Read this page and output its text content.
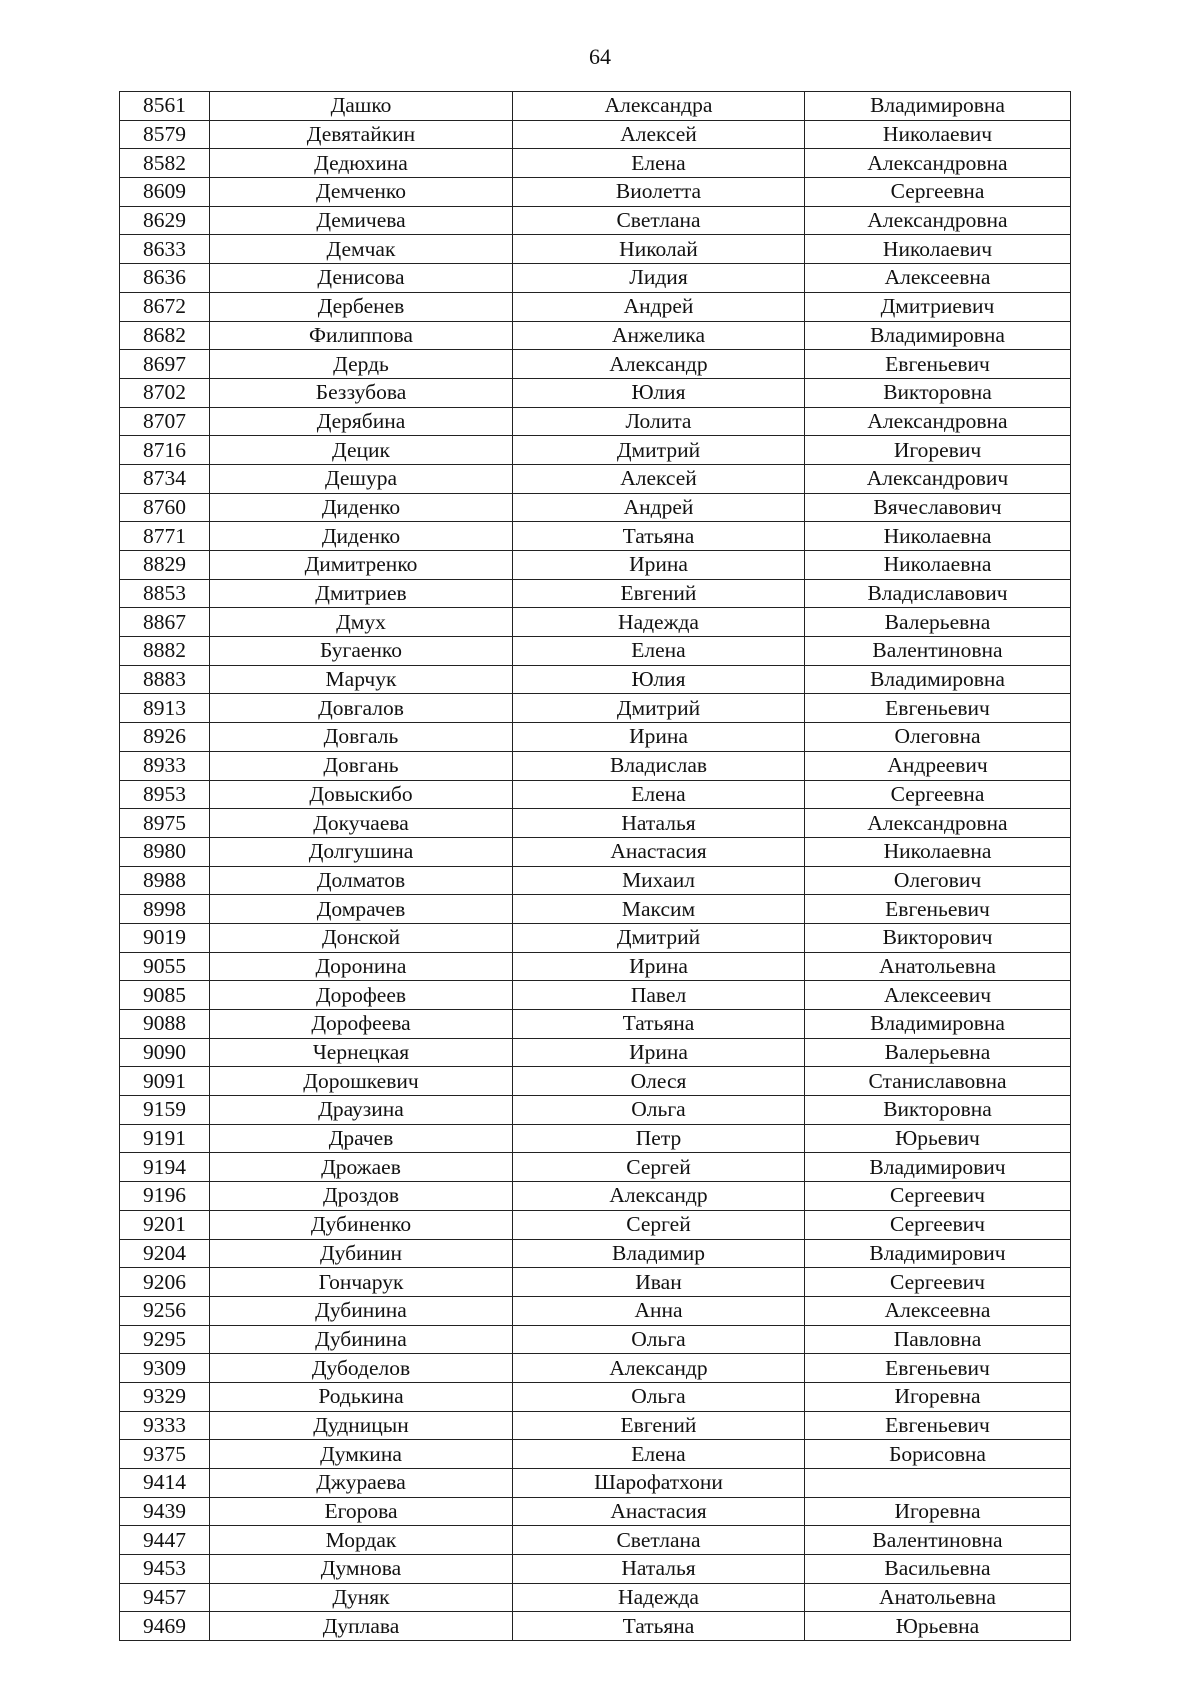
64
8561	Дашко	Александра	Владимировна
8579	Девятайкин	Алексей	Николаевич
8582	Дедюхина	Елена	Александровна
8609	Демченко	Виолетта	Сергеевна
8629	Демичева	Светлана	Александровна
8633	Демчак	Николай	Николаевич
8636	Денисова	Лидия	Алексеевна
8672	Дербенев	Андрей	Дмитриевич
8682	Филиппова	Анжелика	Владимировна
8697	Дердь	Александр	Евгеньевич
8702	Беззубова	Юлия	Викторовна
8707	Дерябина	Лолита	Александровна
8716	Децик	Дмитрий	Игоревич
8734	Дешура	Алексей	Александрович
8760	Диденко	Андрей	Вячеславович
8771	Диденко	Татьяна	Николаевна
8829	Димитренко	Ирина	Николаевна
8853	Дмитриев	Евгений	Владиславович
8867	Дмух	Надежда	Валерьевна
8882	Бугаенко	Елена	Валентиновна
8883	Марчук	Юлия	Владимировна
8913	Довгалов	Дмитрий	Евгеньевич
8926	Довгаль	Ирина	Олеговна
8933	Довгань	Владислав	Андреевич
8953	Довыскибо	Елена	Сергеевна
8975	Докучаева	Наталья	Александровна
8980	Долгушина	Анастасия	Николаевна
8988	Долматов	Михаил	Олегович
8998	Домрачев	Максим	Евгеньевич
9019	Донской	Дмитрий	Викторович
9055	Доронина	Ирина	Анатольевна
9085	Дорофеев	Павел	Алексеевич
9088	Дорофеева	Татьяна	Владимировна
9090	Чернецкая	Ирина	Валерьевна
9091	Дорошкевич	Олеся	Станиславовна
9159	Драузина	Ольга	Викторовна
9191	Драчев	Петр	Юрьевич
9194	Дрожаев	Сергей	Владимирович
9196	Дроздов	Александр	Сергеевич
9201	Дубиненко	Сергей	Сергеевич
9204	Дубинин	Владимир	Владимирович
9206	Гончарук	Иван	Сергеевич
9256	Дубинина	Анна	Алексеевна
9295	Дубинина	Ольга	Павловна
9309	Дубоделов	Александр	Евгеньевич
9329	Родькина	Ольга	Игоревна
9333	Дудницын	Евгений	Евгеньевич
9375	Думкина	Елена	Борисовна
9414	Джураева	Шарофатхони	
9439	Егорова	Анастасия	Игоревна
9447	Мордак	Светлана	Валентиновна
9453	Думнова	Наталья	Васильевна
9457	Дуняк	Надежда	Анатольевна
9469	Дуплава	Татьяна	Юрьевна
